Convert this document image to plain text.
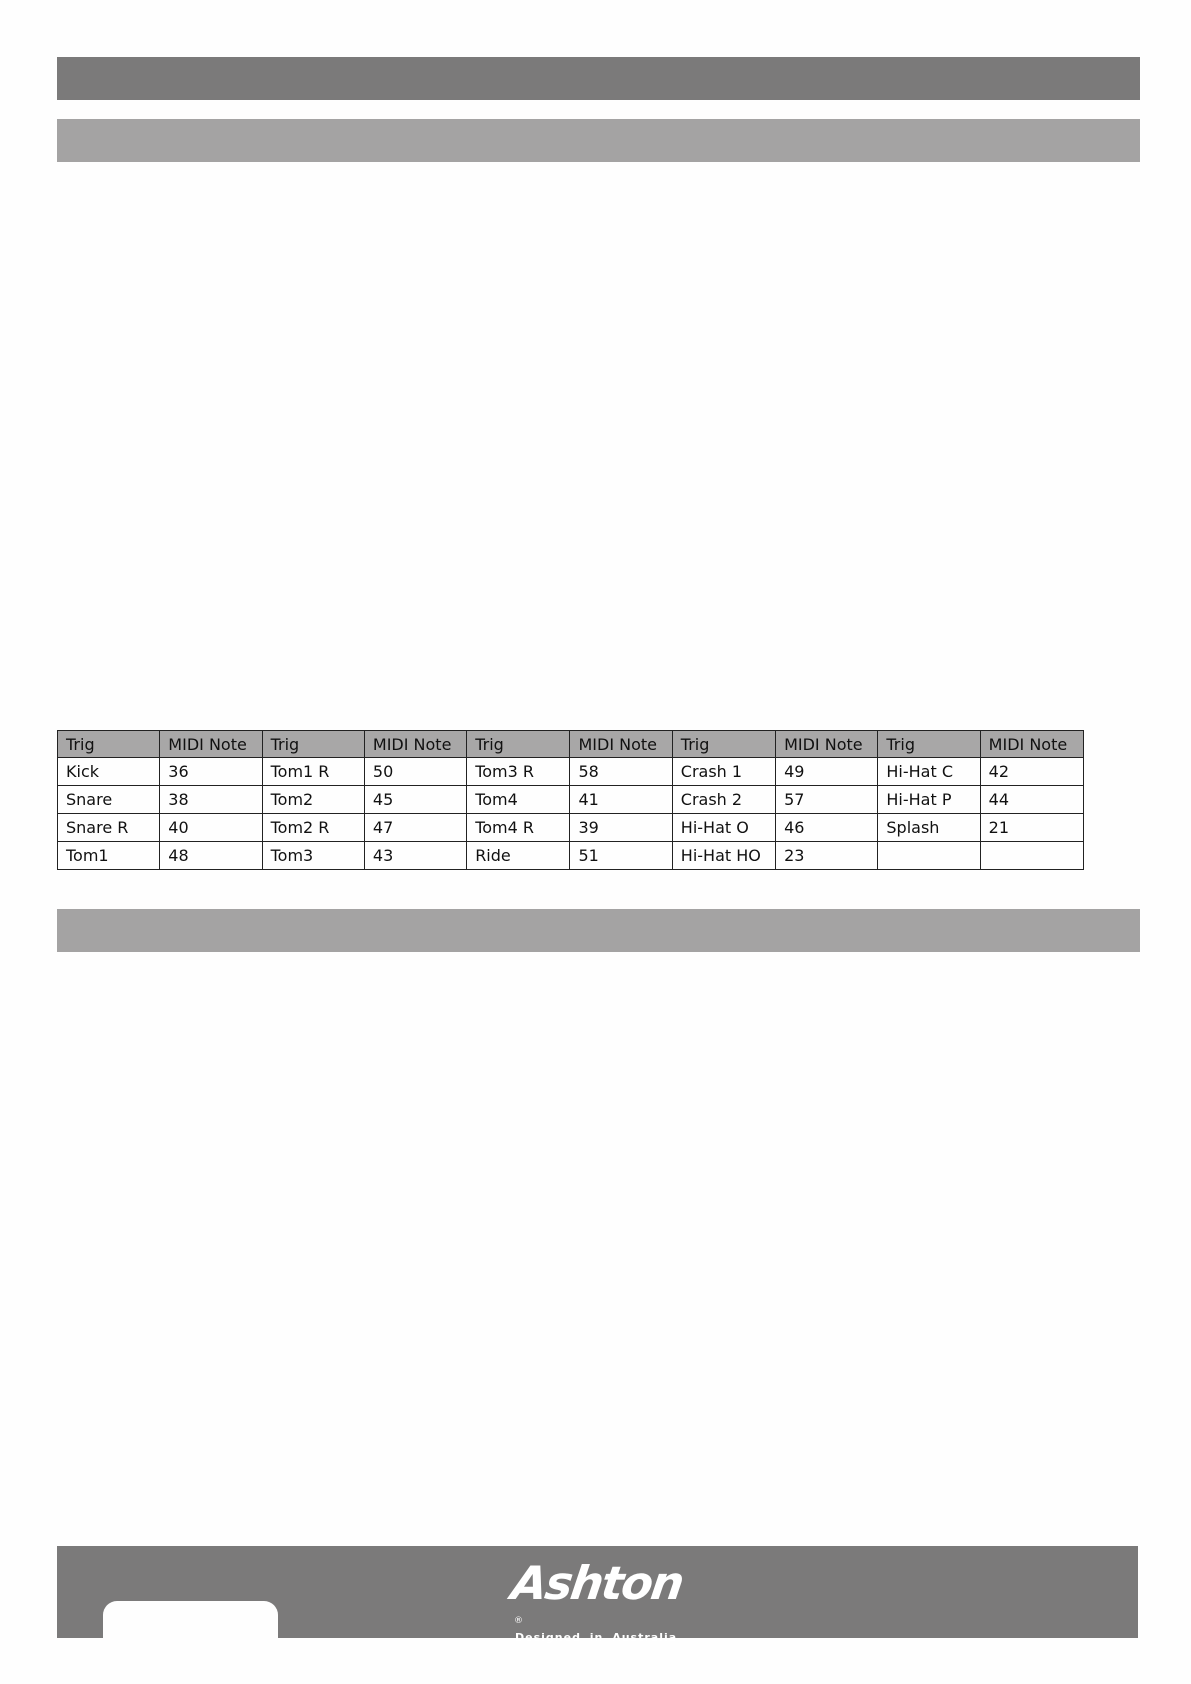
Trig	MIDI Note	Trig	MIDI Note	Trig	MIDI Note	Trig	MIDI Note	Trig	MIDI Note
Kick	36	Tom1 R	50	Tom3 R	58	Crash 1	49	Hi-Hat C	42
Snare	38	Tom2	45	Tom4	41	Crash 2	57	Hi-Hat P	44
Snare R	40	Tom2 R	47	Tom4 R	39	Hi-Hat O	46	Splash	21
Tom1	48	Tom3	43	Ride	51	Hi-Hat HO	23		
Ashton®
Designed in Australia
